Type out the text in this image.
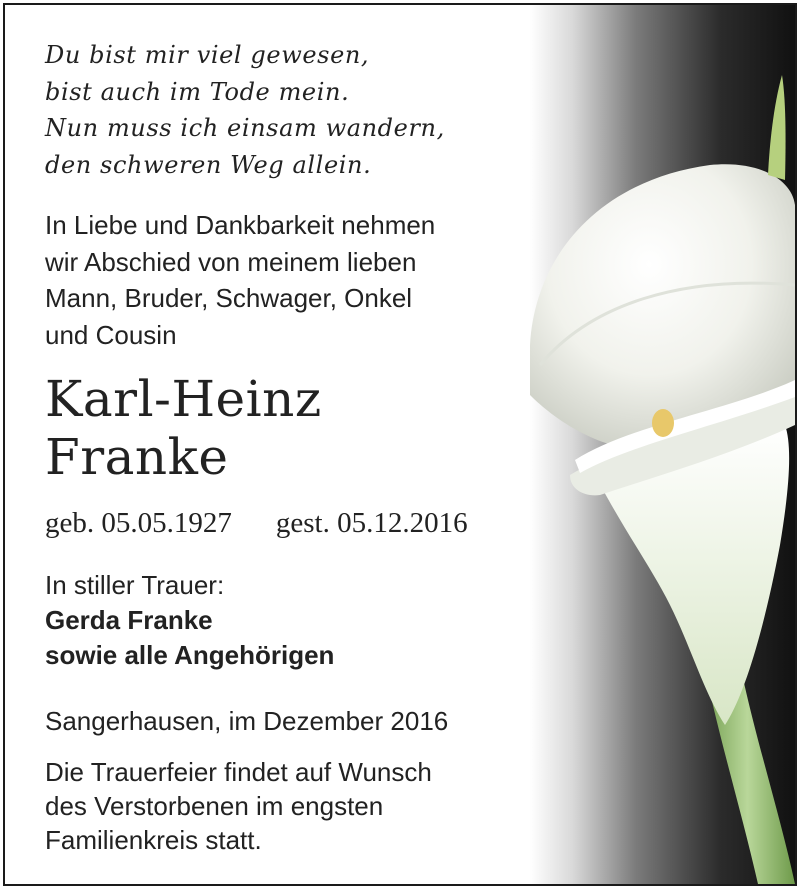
Du bist mir viel gewesen,
bist auch im Tode mein.
Nun muss ich einsam wandern,
den schweren Weg allein.
In Liebe und Dankbarkeit nehmen
wir Abschied von meinem lieben
Mann, Bruder, Schwager, Onkel
und Cousin
Karl-Heinz
Franke
geb. 05.05.1927 gest. 05.12.2016
In stiller Trauer:
Gerda Franke
sowie alle Angehörigen
Sangerhausen, im Dezember 2016
Die Trauerfeier findet auf Wunsch
des Verstorbenen im engsten
Familienkreis statt.
